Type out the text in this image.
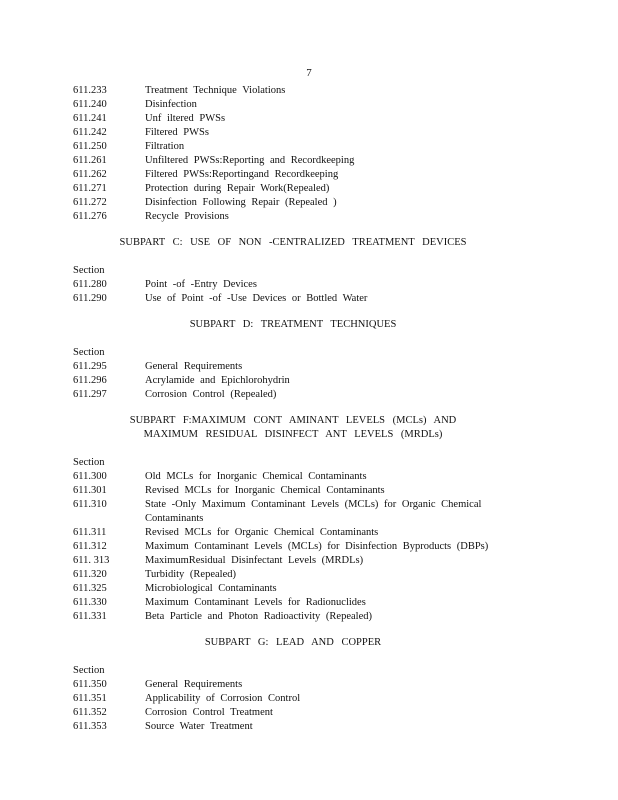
7
611.233	Treatment Technique Violations
611.240	Disinfection
611.241	Unf iltered PWSs
611.242	Filtered PWSs
611.250	Filtration
611.261	Unfiltered PWSs:Reporting and Recordkeeping
611.262	Filtered PWSs:Reportingand Recordkeeping
611.271	Protection during Repair Work(Repealed)
611.272	Disinfection Following Repair (Repealed )
611.276	Recycle Provisions
SUBPART C: USE OF NON -CENTRALIZED TREATMENT DEVICES
Section
611.280	Point -of -Entry Devices
611.290	Use of Point -of -Use Devices or Bottled Water
SUBPART D: TREATMENT TECHNIQUES
Section
611.295	General Requirements
611.296	Acrylamide and Epichlorohydrin
611.297	Corrosion Control (Repealed)
SUBPART F:MAXIMUM CONT AMINANT LEVELS (MCLs) AND
MAXIMUM RESIDUAL DISINFECT ANT LEVELS (MRDLs)
Section
611.300	Old MCLs for Inorganic Chemical Contaminants
611.301	Revised MCLs for Inorganic Chemical Contaminants
611.310	State -Only Maximum Contaminant Levels (MCLs) for Organic Chemical Contaminants
611.311	Revised MCLs for Organic Chemical Contaminants
611.312	Maximum Contaminant Levels (MCLs) for Disinfection Byproducts (DBPs)
611. 313	MaximumResidual Disinfectant Levels (MRDLs)
611.320	Turbidity (Repealed)
611.325	Microbiological Contaminants
611.330	Maximum Contaminant Levels for Radionuclides
611.331	Beta Particle and Photon Radioactivity (Repealed)
SUBPART G: LEAD AND COPPER
Section
611.350	General Requirements
611.351	Applicability of Corrosion Control
611.352	Corrosion Control Treatment
611.353	Source Water Treatment
